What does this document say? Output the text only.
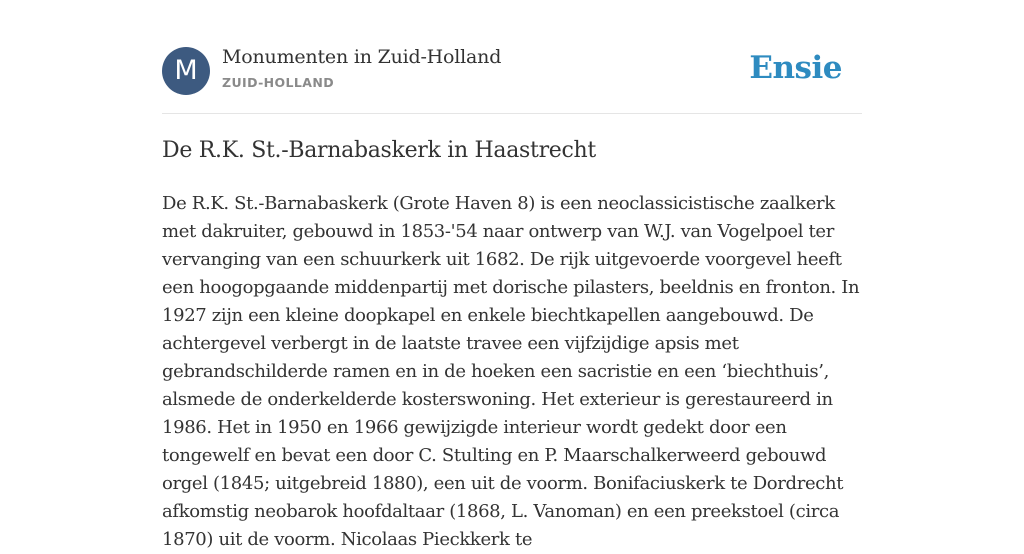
M	Monumenten in Zuid-Holland
ZUID-HOLLAND	Ensie
De R.K. St.-Barnabaskerk in Haastrecht

De R.K. St.-Barnabaskerk (Grote Haven 8) is een neoclassicistische zaalkerk met dakruiter, gebouwd in 1853-'54 naar ontwerp van W.J. van Vogelpoel ter vervanging van een schuurkerk uit 1682. De rijk uitgevoerde voorgevel heeft een hoogopgaande middenpartij met dorische pilasters, beeldnis en fronton. In 1927 zijn een kleine doopkapel en enkele biechtkapellen aangebouwd. De achtergevel verbergt in de laatste travee een vijfzijdige apsis met gebrandschilderde ramen en in de hoeken een sacristie en een ‘biechthuis’, alsmede de onderkelderde kosterswoning. Het exterieur is gerestaureerd in 1986. Het in 1950 en 1966 gewijzigde interieur wordt gedekt door een tongewelf en bevat een door C. Stulting en P. Maarschalkerweerd gebouwd orgel (1845; uitgebreid 1880), een uit de voorm. Bonifaciuskerk te Dordrecht afkomstig neobarok hoofdaltaar (1868, L. Vanoman) en een preekstoel (circa 1870) uit de voorm. Nicolaas Pieckkerk te
